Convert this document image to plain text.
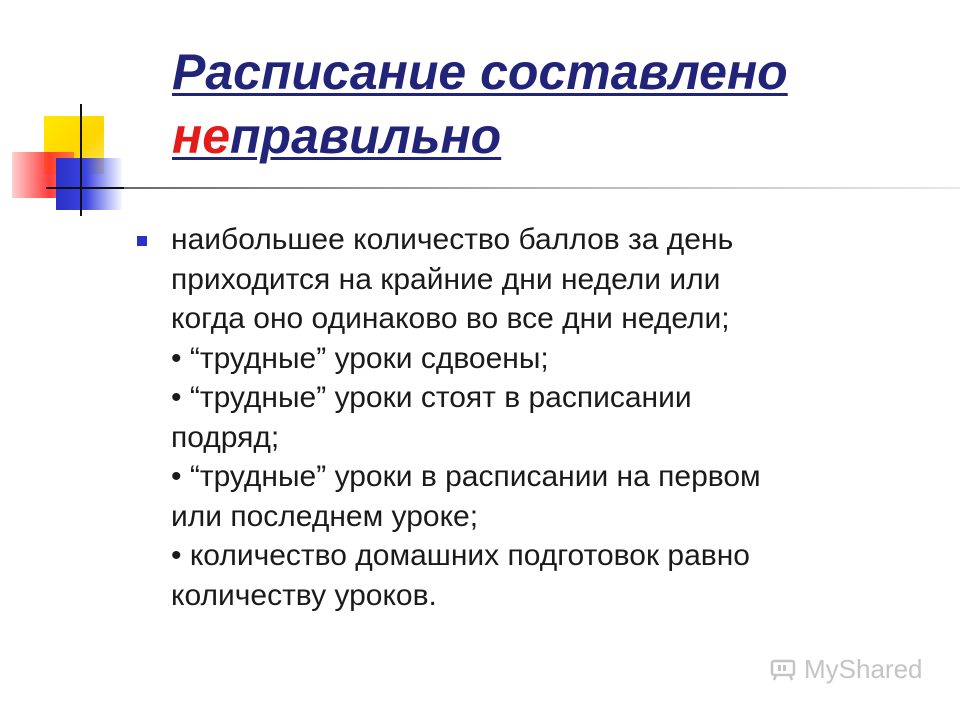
Расписание составлено
неправильно
наибольшее количество баллов за день
приходится на крайние дни недели или
когда оно одинаково во все дни недели;
• “трудные” уроки сдвоены;
• “трудные” уроки стоят в расписании
подряд;
• “трудные” уроки в расписании на первом
или последнем уроке;
• количество домашних подготовок равно
количеству уроков.
MyShared
